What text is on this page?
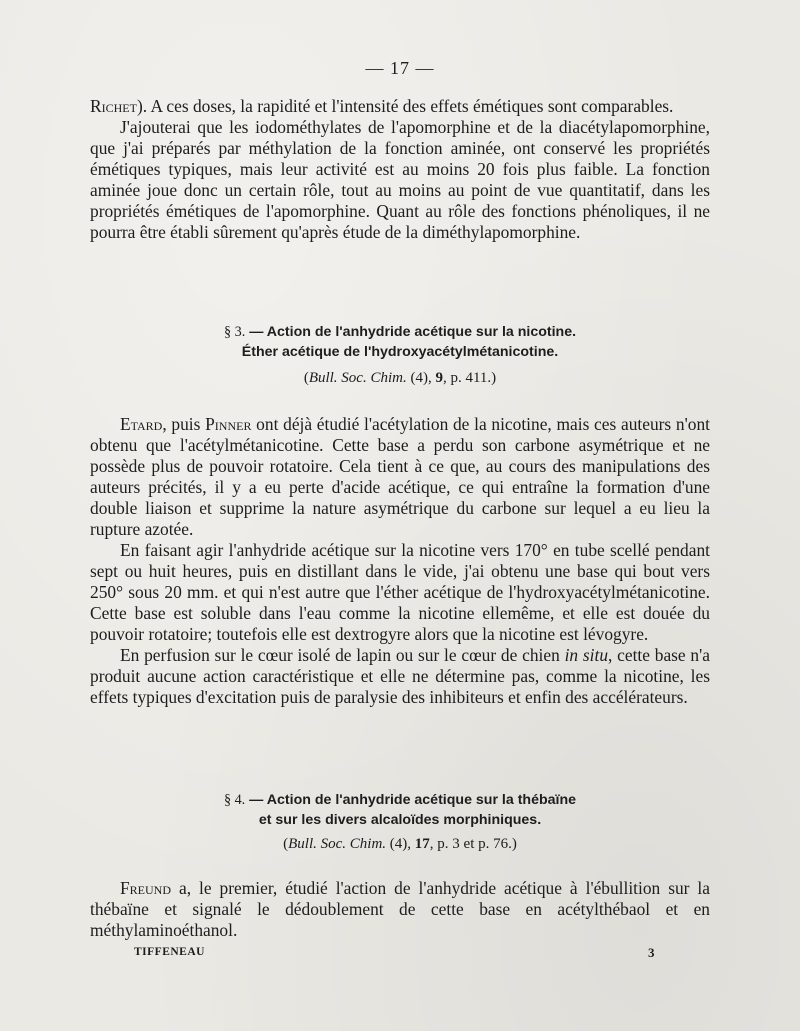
— 17 —

Richet). A ces doses, la rapidité et l'intensité des effets émétiques sont comparables.

J'ajouterai que les iodométhylates de l'apomorphine et de la diacétylapomorphine, que j'ai préparés par méthylation de la fonction aminée, ont conservé les propriétés émétiques typiques, mais leur activité est au moins 20 fois plus faible. La fonction aminée joue donc un certain rôle, tout au moins au point de vue quantitatif, dans les propriétés émétiques de l'apomorphine. Quant au rôle des fonctions phénoliques, il ne pourra être établi sûrement qu'après étude de la diméthylapomorphine.

§ 3. — Action de l'anhydride acétique sur la nicotine.
Éther acétique de l'hydroxyacétylmétanicotine.
(Bull. Soc. Chim. (4), 9, p. 411.)

Etard, puis Pinner ont déjà étudié l'acétylation de la nicotine, mais ces auteurs n'ont obtenu que l'acétylmétanicotine. Cette base a perdu son carbone asymétrique et ne possède plus de pouvoir rotatoire. Cela tient à ce que, au cours des manipulations des auteurs précités, il y a eu perte d'acide acétique, ce qui entraîne la formation d'une double liaison et supprime la nature asymétrique du carbone sur lequel a eu lieu la rupture azotée.

En faisant agir l'anhydride acétique sur la nicotine vers 170° en tube scellé pendant sept ou huit heures, puis en distillant dans le vide, j'ai obtenu une base qui bout vers 250° sous 20 mm. et qui n'est autre que l'éther acétique de l'hydroxyacétylmétanicotine. Cette base est soluble dans l'eau comme la nicotine ellemême, et elle est douée du pouvoir rotatoire; toutefois elle est dextrogyre alors que la nicotine est lévogyre.

En perfusion sur le cœur isolé de lapin ou sur le cœur de chien in situ, cette base n'a produit aucune action caractéristique et elle ne détermine pas, comme la nicotine, les effets typiques d'excitation puis de paralysie des inhibiteurs et enfin des accélérateurs.

§ 4. — Action de l'anhydride acétique sur la thébaïne
et sur les divers alcaloïdes morphiniques.
(Bull. Soc. Chim. (4), 17, p. 3 et p. 76.)

Freund a, le premier, étudié l'action de l'anhydride acétique à l'ébullition sur la thébaïne et signalé le dédoublement de cette base en acétylthébaol et en méthylaminoéthanol.

TIFFENEAU	3
